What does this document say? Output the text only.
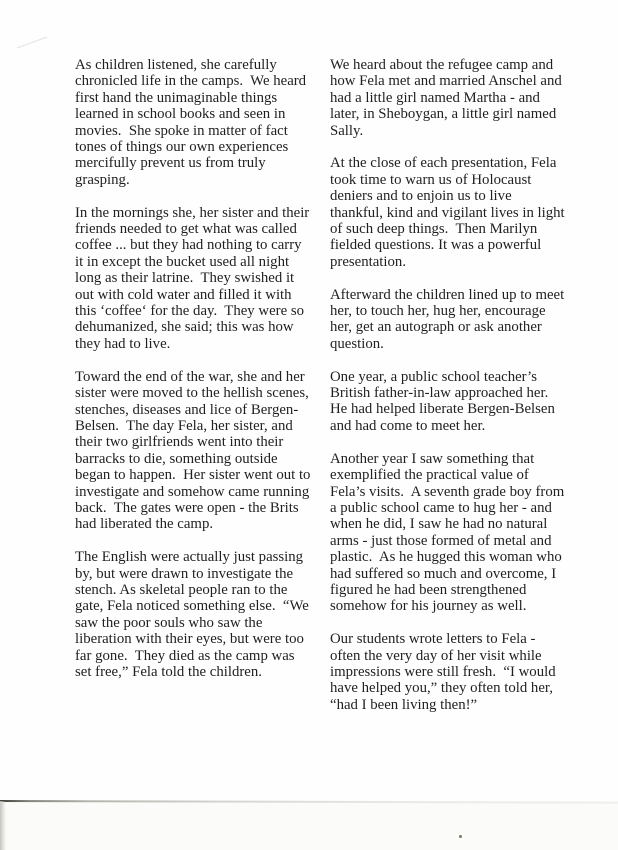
As children listened, she carefully chronicled life in the camps.  We heard first hand the unimaginable things learned in school books and seen in movies.  She spoke in matter of fact tones of things our own experiences mercifully prevent us from truly grasping.

In the mornings she, her sister and their friends needed to get what was called coffee ... but they had nothing to carry it in except the bucket used all night long as their latrine.  They swished it out with cold water and filled it with this ‘coffee‘ for the day.  They were so dehumanized, she said; this was how they had to live.

Toward the end of the war, she and her sister were moved to the hellish scenes, stenches, diseases and lice of Bergen-Belsen.  The day Fela, her sister, and their two girlfriends went into their barracks to die, something outside began to happen.  Her sister went out to investigate and somehow came running back.  The gates were open - the Brits had liberated the camp.

The English were actually just passing by, but were drawn to investigate the stench. As skeletal people ran to the gate, Fela noticed something else.  “We saw the poor souls who saw the liberation with their eyes, but were too far gone.  They died as the camp was set free,” Fela told the children.

We heard about the refugee camp and how Fela met and married Anschel and had a little girl named Martha - and later, in Sheboygan, a little girl named Sally.

At the close of each presentation, Fela took time to warn us of Holocaust deniers and to enjoin us to live thankful, kind and vigilant lives in light of such deep things.  Then Marilyn fielded questions. It was a powerful presentation.

Afterward the children lined up to meet her, to touch her, hug her, encourage her, get an autograph or ask another question.

One year, a public school teacher’s British father-in-law approached her. He had helped liberate Bergen-Belsen and had come to meet her.

Another year I saw something that exemplified the practical value of Fela’s visits.  A seventh grade boy from a public school came to hug her - and when he did, I saw he had no natural arms - just those formed of metal and plastic.  As he hugged this woman who had suffered so much and overcome, I figured he had been strengthened somehow for his journey as well.

Our students wrote letters to Fela - often the very day of her visit while impressions were still fresh.  “I would have helped you,” they often told her, “had I been living then!”
